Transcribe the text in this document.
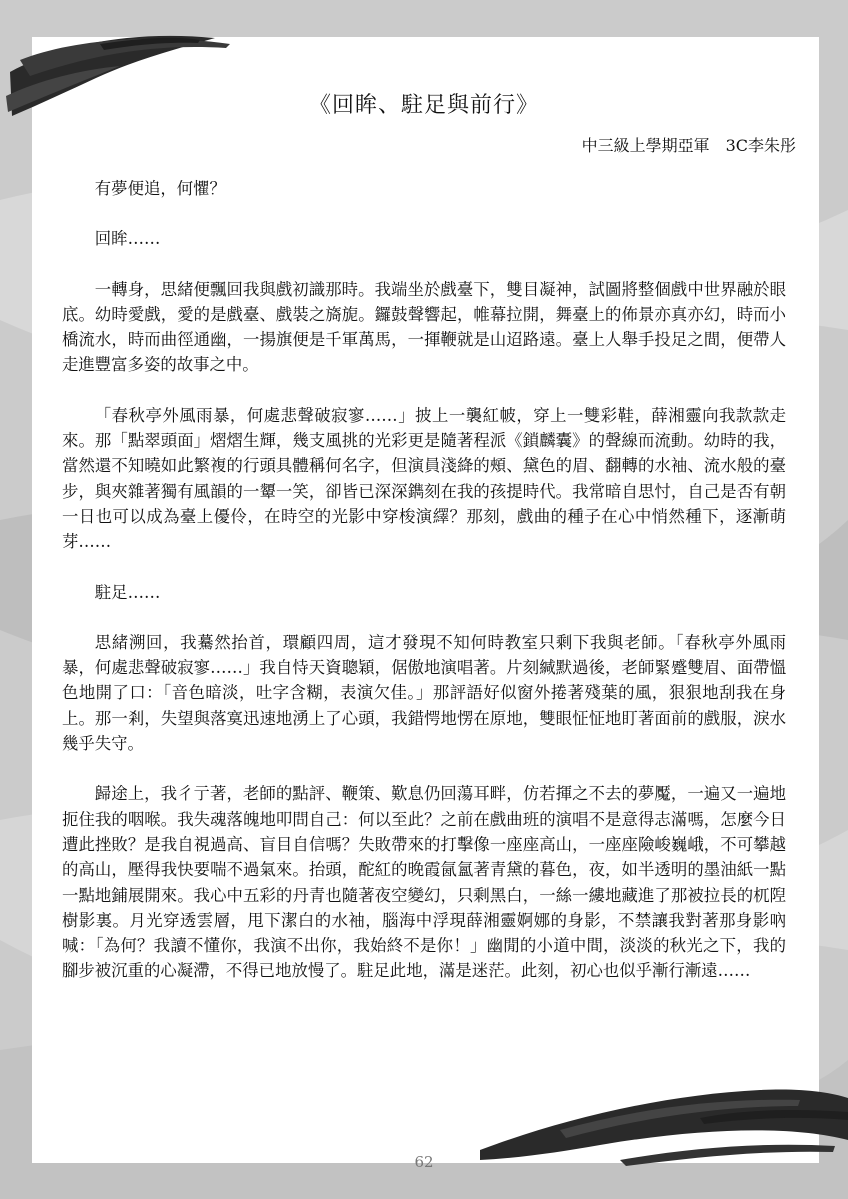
《回眸、駐足與前行》
中三級上學期亞軍　3C李朱彤

有夢便追，何懼？

回眸……

一轉身，思緒便飄回我與戲初識那時。我端坐於戲臺下，雙目凝神，試圖將整個戲中世界融於眼底。幼時愛戲，愛的是戲臺、戲裝之旖旎。鑼鼓聲響起，帷幕拉開，舞臺上的佈景亦真亦幻，時而小橋流水，時而曲徑通幽，一揚旗便是千軍萬馬，一揮鞭就是山迢路遠。臺上人舉手投足之間，便帶人走進豐富多姿的故事之中。

「春秋亭外風雨暴，何處悲聲破寂寥……」披上一襲紅帔，穿上一雙彩鞋，薛湘靈向我款款走來。那「點翠頭面」熠熠生輝，幾支風挑的光彩更是隨著程派《鎖麟囊》的聲線而流動。幼時的我，當然還不知曉如此繁複的行頭具體稱何名字，但演員淺絳的頰、黛色的眉、翻轉的水袖、流水般的臺步，與夾雜著獨有風韻的一顰一笑，卻皆已深深鐫刻在我的孩提時代。我常暗自思忖，自己是否有朝一日也可以成為臺上優伶，在時空的光影中穿梭演繹？那刻，戲曲的種子在心中悄然種下，逐漸萌芽……

駐足……

思緒溯回，我驀然抬首，環顧四周，這才發現不知何時教室只剩下我與老師。「春秋亭外風雨暴，何處悲聲破寂寥……」我自恃天資聰穎，倨傲地演唱著。片刻緘默過後，老師緊蹙雙眉、面帶慍色地開了口：「音色暗淡，吐字含糊，表演欠佳。」那評語好似窗外捲著殘葉的風，狠狠地刮我在身上。那一剎，失望與落寞迅速地湧上了心頭，我錯愕地愣在原地，雙眼怔怔地盯著面前的戲服，淚水幾乎失守。

歸途上，我彳亍著，老師的點評、鞭策、歎息仍回蕩耳畔，仿若揮之不去的夢魘，一遍又一遍地扼住我的咽喉。我失魂落魄地叩問自己：何以至此？之前在戲曲班的演唱不是意得志滿嗎，怎麼今日遭此挫敗？是我自視過高、盲目自信嗎？失敗帶來的打擊像一座座高山，一座座險峻巍峨，不可攀越的高山，壓得我快要喘不過氣來。抬頭，酡紅的晚霞氤氳著青黛的暮色，夜，如半透明的墨油紙一點一點地鋪展開來。我心中五彩的丹青也隨著夜空變幻，只剩黑白，一絲一縷地藏進了那被拉長的杌隉樹影裏。月光穿透雲層，甩下潔白的水袖，腦海中浮現薛湘靈婀娜的身影，不禁讓我對著那身影吶喊：「為何？我讀不懂你，我演不出你，我始終不是你！」幽閒的小道中間，淡淡的秋光之下，我的腳步被沉重的心凝滯，不得已地放慢了。駐足此地，滿是迷茫。此刻，初心也似乎漸行漸遠……

62
